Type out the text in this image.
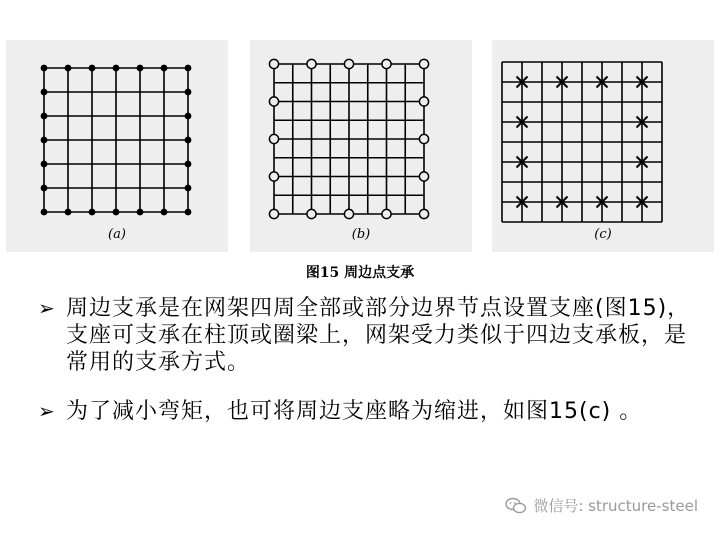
(a)	(b)	(c)
图15 周边点支承
➢ 周边支承是在网架四周全部或部分边界节点设置支座(图15)，支座可支承在柱顶或圈梁上，网架受力类似于四边支承板，是常用的支承方式。
➢ 为了减小弯矩，也可将周边支座略为缩进，如图15(c) 。
微信号: structure-steel
